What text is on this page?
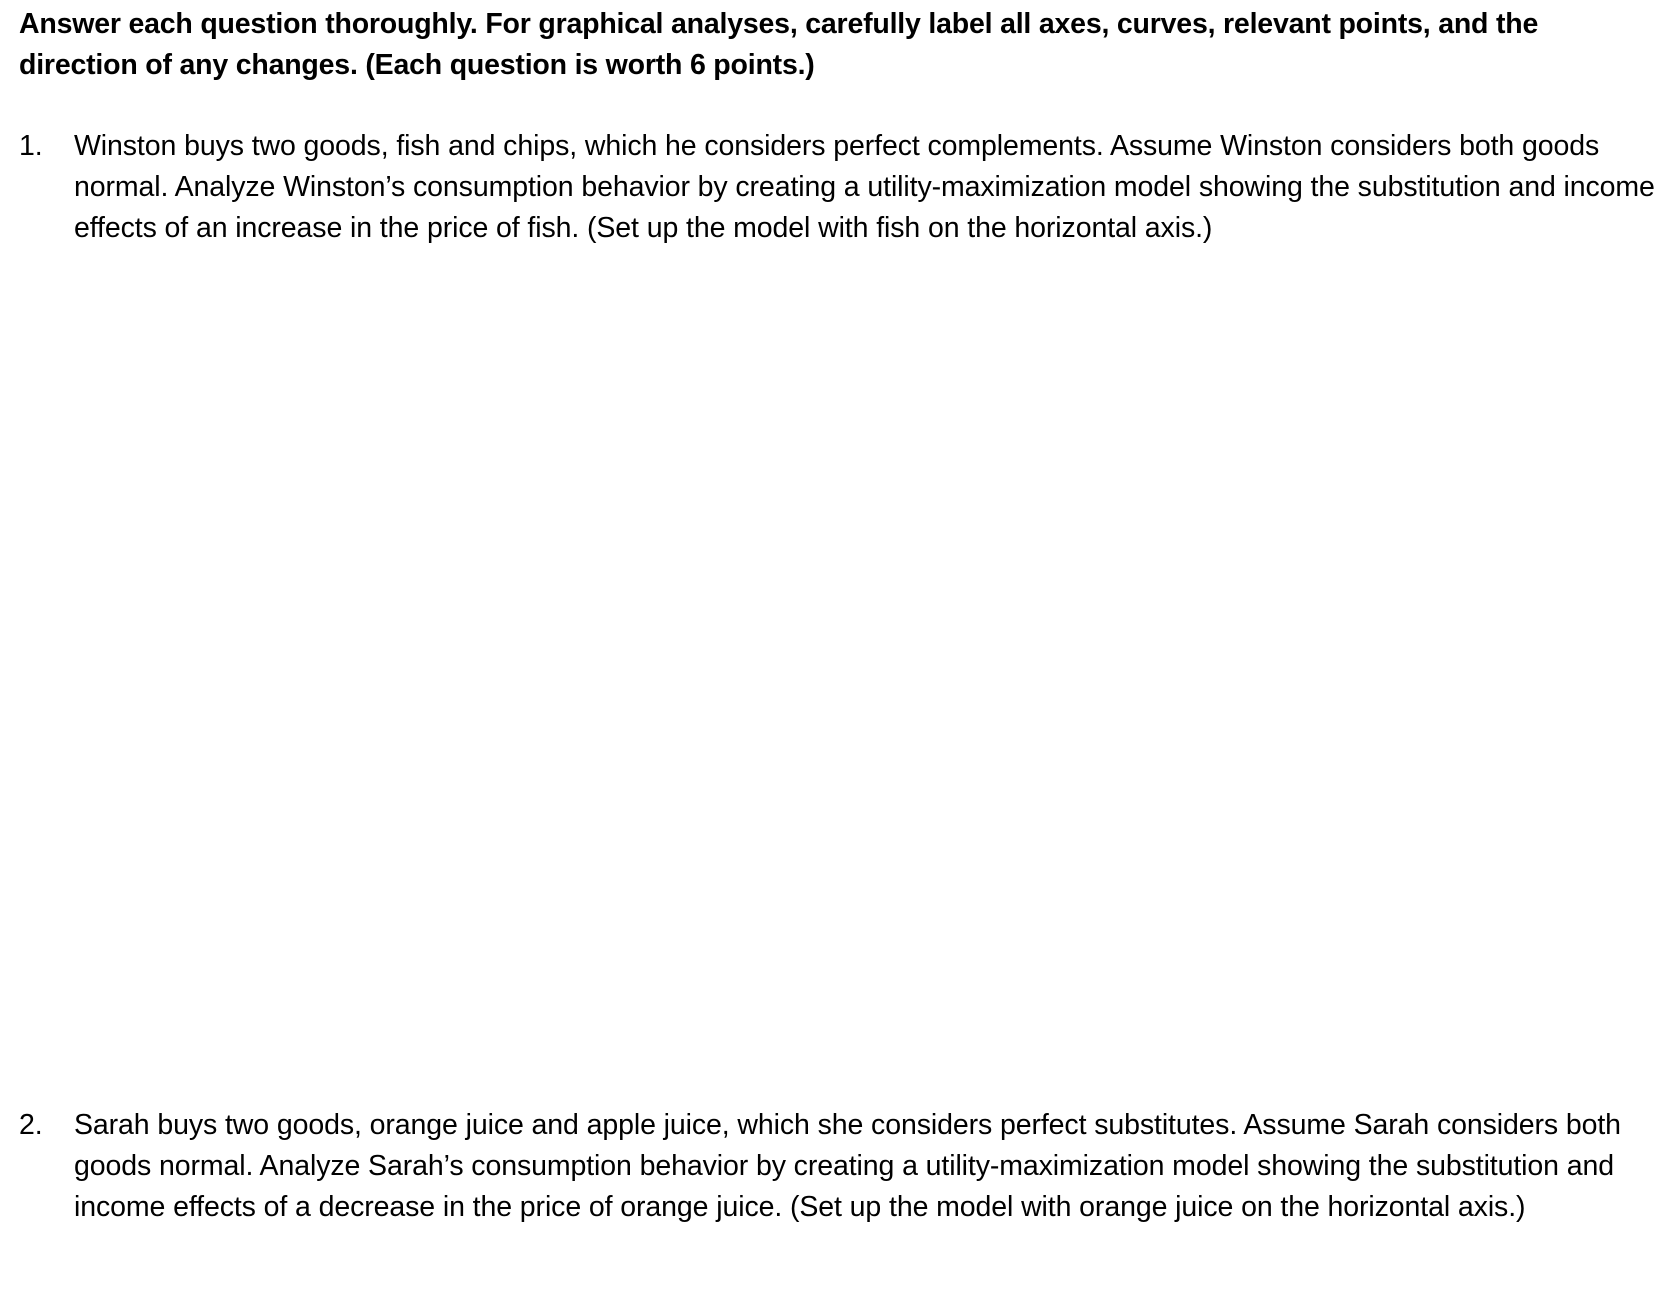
Answer each question thoroughly. For graphical analyses, carefully label all axes, curves, relevant points, and the direction of any changes. (Each question is worth 6 points.)

1.	Winston buys two goods, fish and chips, which he considers perfect complements. Assume Winston considers both goods normal. Analyze Winston’s consumption behavior by creating a utility-maximization model showing the substitution and income effects of an increase in the price of fish. (Set up the model with fish on the horizontal axis.)

2.	Sarah buys two goods, orange juice and apple juice, which she considers perfect substitutes. Assume Sarah considers both goods normal. Analyze Sarah’s consumption behavior by creating a utility-maximization model showing the substitution and income effects of a decrease in the price of orange juice. (Set up the model with orange juice on the horizontal axis.)
